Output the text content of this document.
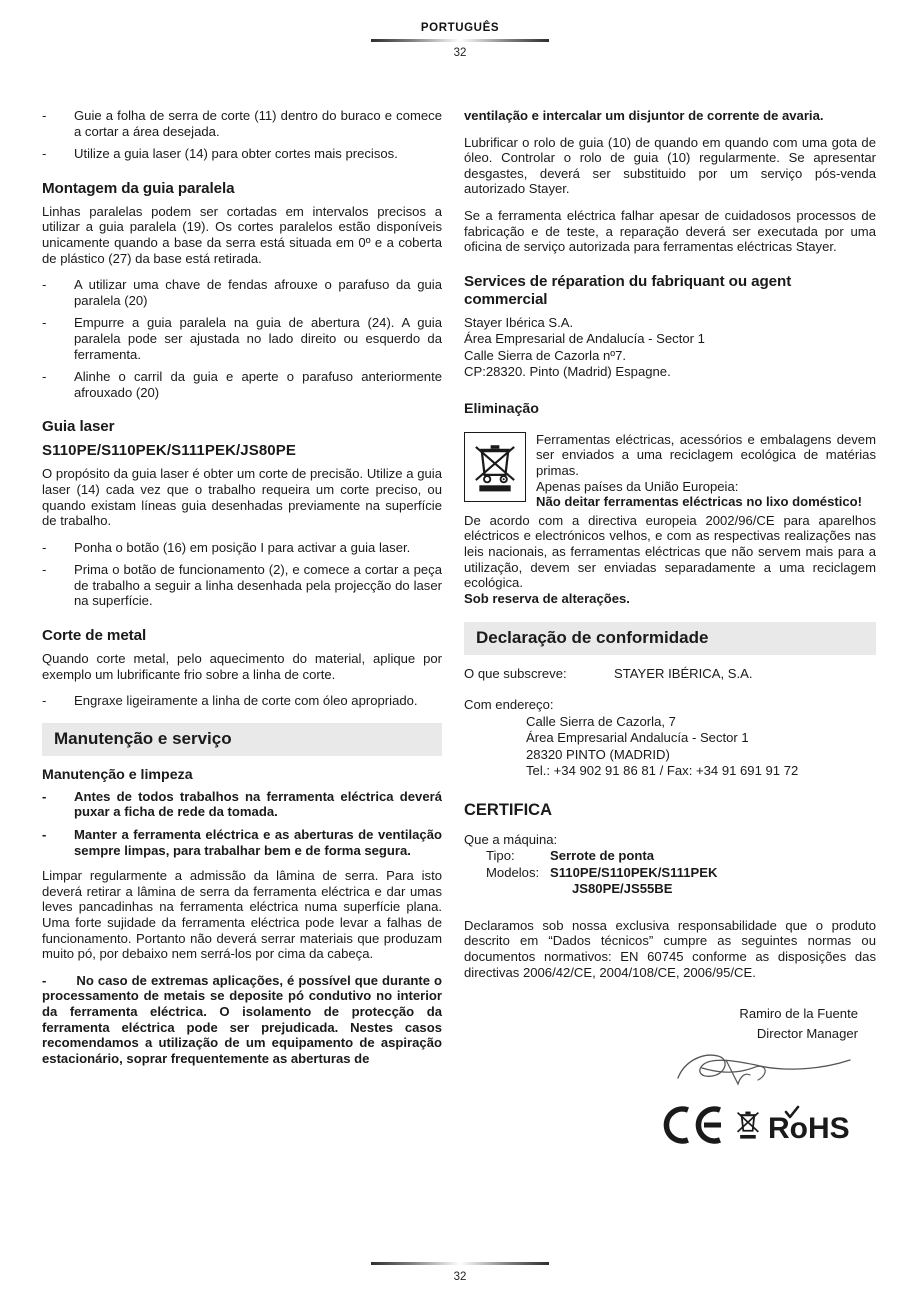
PORTUGUÊS
32
-	Guie a folha de serra de corte (11) dentro do buraco e comece a cortar a área desejada.
-	Utilize a guia laser (14) para obter cortes mais precisos.
Montagem da guia paralela

Linhas paralelas podem ser cortadas em intervalos precisos a utilizar a guia paralela (19). Os cortes paralelos estão disponíveis unicamente quando a base da serra está situada em 0º e a coberta de plástico (27) da base está retirada.

-	A utilizar uma chave de fendas afrouxe o parafuso da guia paralela (20)
-	Empurre a guia paralela na guia de abertura (24). A guia paralela pode ser ajustada no lado direito ou esquerdo da ferramenta.
-	Alinhe o carril da guia e aperte o parafuso anteriormente afrouxado (20)
Guia laser
S110PE/S110PEK/S111PEK/JS80PE

O propósito da guia laser é obter um corte de precisão. Utilize a guia laser (14) cada vez que o trabalho requeira um corte preciso, ou quando existam líneas guia desenhadas previamente na superfície de trabalho.

-	Ponha o botão (16) em posição I para activar a guia laser.
-	Prima o botão de funcionamento (2), e comece a cortar a peça de trabalho a seguir a linha desenhada pela projecção do laser na superfície.
Corte de metal

Quando corte metal, pelo aquecimento do material, aplique por exemplo um lubrificante frio sobre a linha de corte.

-	Engraxe ligeiramente a linha de corte com óleo apropriado.
Manutenção e serviço
Manutenção e limpeza
-	Antes de todos trabalhos na ferramenta eléctrica deverá puxar a ficha de rede da tomada.
-	Manter a ferramenta eléctrica e as aberturas de ventilação sempre limpas, para trabalhar bem e de forma segura.

Limpar regularmente a admissão da lâmina de serra. Para isto deverá retirar a lâmina de serra da ferramenta eléctrica e dar umas leves pancadinhas na ferramenta eléctrica numa superfície plana. Uma forte sujidade da ferramenta eléctrica pode levar a falhas de funcionamento. Portanto não deverá serrar materiais que produzam muito pó, por debaixo nem serrá-los por cima da cabeça.

- No caso de extremas aplicações, é possível que durante o processamento de metais se deposite pó condutivo no interior da ferramenta eléctrica. O isolamento de protecção da ferramenta eléctrica pode ser prejudicada. Nestes casos recomendamos a utilização de um equipamento de aspiração estacionário, soprar frequentemente as aberturas de

ventilação e intercalar um disjuntor de corrente de avaria.

Lubrificar o rolo de guia (10) de quando em quando com uma gota de óleo. Controlar o rolo de guia (10) regularmente. Se apresentar desgastes, deverá ser substituido por um serviço pós-venda autorizado Stayer.

Se a ferramenta eléctrica falhar apesar de cuidadosos processos de fabricação e de teste, a reparação deverá ser executada por uma oficina de serviço autorizada para ferramentas eléctricas Stayer.

Services de réparation du fabriquant ou agent commercial
Stayer Ibérica S.A.
Área Empresarial de Andalucía - Sector 1
Calle Sierra de Cazorla nº7.
CP:28320. Pinto (Madrid) Espagne.
Eliminação

Ferramentas eléctricas, acessórios e embalagens devem ser enviados a uma reciclagem ecológica de matérias primas.

Apenas países da União Europeia:

Não deitar ferramentas eléctricas no lixo doméstico!

De acordo com a directiva europeia 2002/96/CE para aparelhos eléctricos e electrónicos velhos, e com as respectivas realizações nas leis nacionais, as ferramentas eléctricas que não servem mais para a utilização, devem ser enviadas separadamente a uma reciclagem ecológica.

Sob reserva de alterações.

Declaração de conformidade
O que subscreve:	STAYER IBÉRICA, S.A.
Com endereço:
Calle Sierra de Cazorla, 7
Área Empresarial Andalucía - Sector 1
28320 PINTO (MADRID)
Tel.: +34 902 91 86 81 / Fax: +34 91 691 91 72
CERTIFICA
Que a máquina:
Tipo:	Serrote de ponta
Modelos: S110PE/S110PEK/S111PEK
JS80PE/JS55BE

Declaramos sob nossa exclusiva responsabilidade que o produto descrito em “Dados técnicos” cumpre as seguintes normas ou documentos normativos: EN 60745 conforme as disposições das directivas 2006/42/CE, 2004/108/CE, 2006/95/CE.

Ramiro de la Fuente
Director Manager
RoHS
32
